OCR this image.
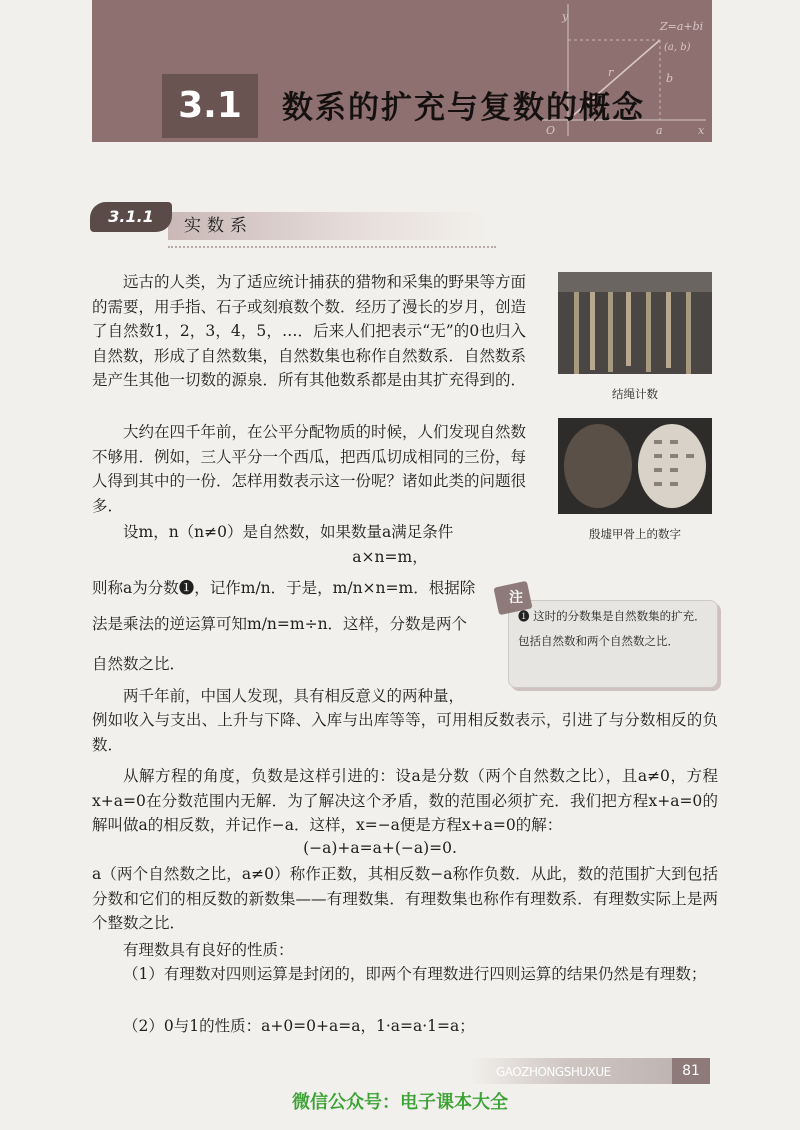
y
x
O	a
b
r
Z=a+bi
(a, b)
3.1 数系的扩充与复数的概念
3.1.1	实数系

远古的人类，为了适应统计捕获的猎物和采集的野果等方面的需要，用手指、石子或刻痕数个数．经历了漫长的岁月，创造了自然数1，2，3，4，5，…．后来人们把表示“无”的0也归入自然数，形成了自然数集，自然数集也称作自然数系．自然数系是产生其他一切数的源泉．所有其他数系都是由其扩充得到的．

大约在四千年前，在公平分配物质的时候，人们发现自然数不够用．例如，三人平分一个西瓜，把西瓜切成相同的三份，每人得到其中的一份．怎样用数表示这一份呢？诸如此类的问题很多．

设m，n（n≠0）是自然数，如果数量a满足条件

a×n=m，

则称a为分数❶，记作m/n．于是，m/n×n=m．根据除

法是乘法的逆运算可知m/n=m÷n．这样，分数是两个

自然数之比．

两千年前，中国人发现，具有相反意义的两种量，

例如收入与支出、上升与下降、入库与出库等等，可用相反数表示，引进了与分数相反的负数．

从解方程的角度，负数是这样引进的：设a是分数（两个自然数之比），且a≠0，方程x+a=0在分数范围内无解．为了解决这个矛盾，数的范围必须扩充．我们把方程x+a=0的解叫做a的相反数，并记作−a．这样，x=−a便是方程x+a=0的解：

(−a)+a=a+(−a)=0.

a（两个自然数之比，a≠0）称作正数，其相反数−a称作负数．从此，数的范围扩大到包括分数和它们的相反数的新数集——有理数集．有理数集也称作有理数系．有理数实际上是两个整数之比．

有理数具有良好的性质：

（1）有理数对四则运算是封闭的，即两个有理数进行四则运算的结果仍然是有理数；

（2）0与1的性质：a+0=0+a=a，1·a=a·1=a；

结绳计数
殷墟甲骨上的数字
注

❶ 这时的分数集是自然数集的扩充．包括自然数和两个自然数之比．

GAOZHONGSHUXUE	81
微信公众号：电子课本大全
